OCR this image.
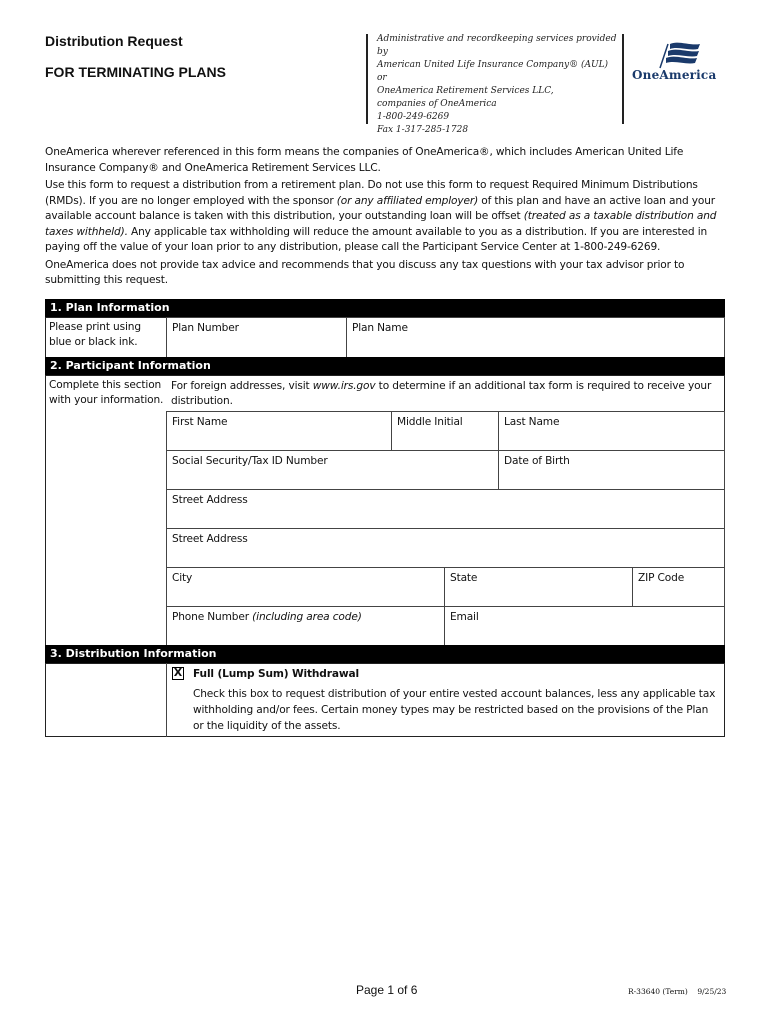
Distribution Request
FOR TERMINATING PLANS
Administrative and recordkeeping services provided by
American United Life Insurance Company® (AUL) or
OneAmerica Retirement Services LLC,
companies of OneAmerica
1-800-249-6269
Fax 1-317-285-1728
OneAmerica

OneAmerica wherever referenced in this form means the companies of OneAmerica®, which includes American United Life Insurance Company® and OneAmerica Retirement Services LLC.

Use this form to request a distribution from a retirement plan. Do not use this form to request Required Minimum Distributions (RMDs). If you are no longer employed with the sponsor (or any affiliated employer) of this plan and have an active loan and your available account balance is taken with this distribution, your outstanding loan will be offset (treated as a taxable distribution and taxes withheld). Any applicable tax withholding will reduce the amount available to you as a distribution. If you are interested in paying off the value of your loan prior to any distribution, please call the Participant Service Center at 1-800-249-6269.

OneAmerica does not provide tax advice and recommends that you discuss any tax questions with your tax advisor prior to submitting this request.

1. Plan Information
Please print using blue or black ink.
Plan Number	Plan Name
2. Participant Information
Complete this section with your information.
For foreign addresses, visit www.irs.gov to determine if an additional tax form is required to receive your distribution.
First Name	Middle Initial	Last Name
Social Security/Tax ID Number	Date of Birth
Street Address
Street Address
City	State	ZIP Code
Phone Number (including area code)	Email
3. Distribution Information
X Full (Lump Sum) Withdrawal
Check this box to request distribution of your entire vested account balances, less any applicable tax withholding and/or fees. Certain money types may be restricted based on the provisions of the Plan or the liquidity of the assets.
Page 1 of 6	R-33640 (Term)    9/25/23
